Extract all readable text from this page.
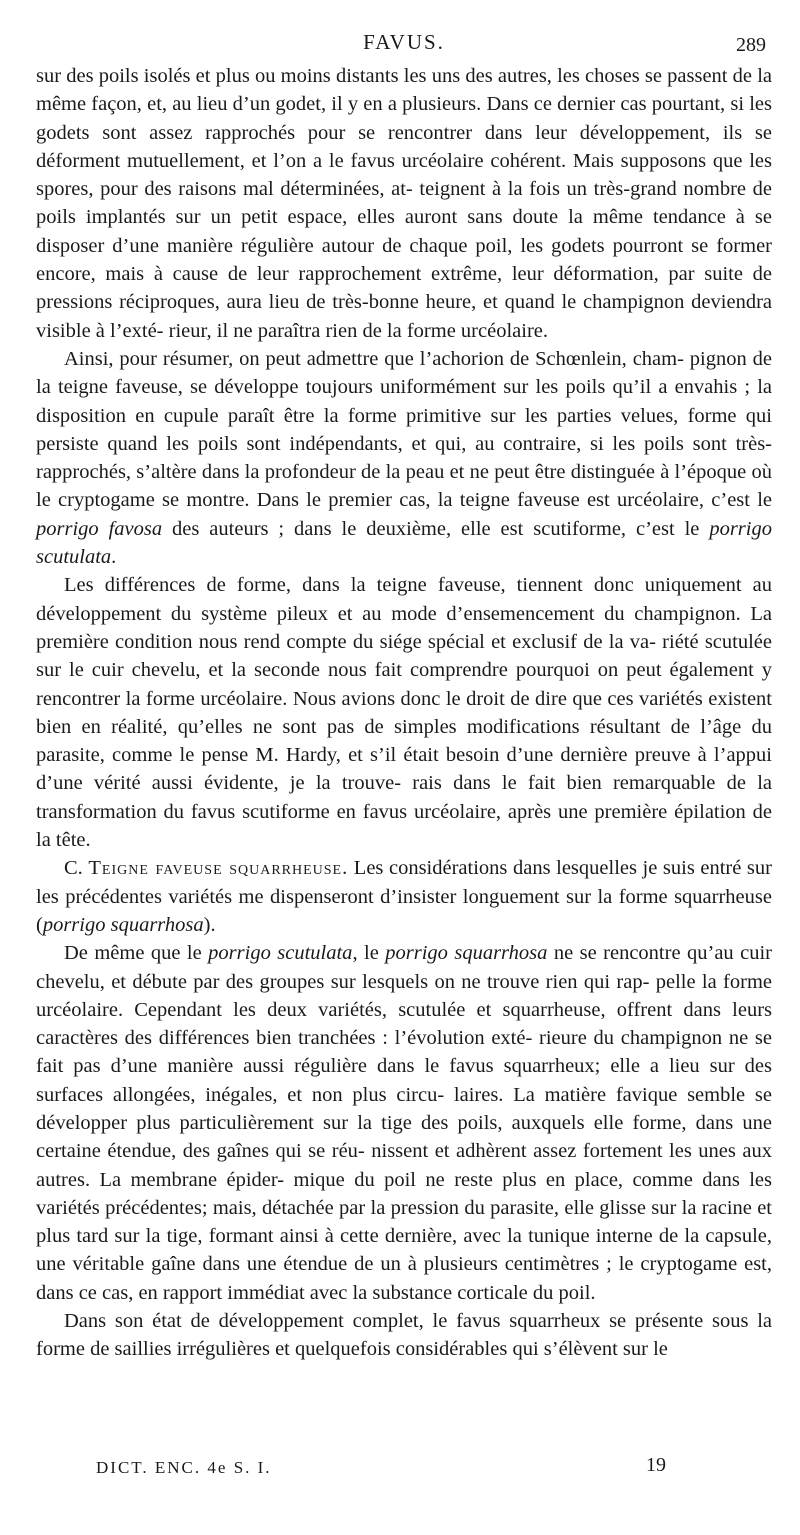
FAVUS.	289

sur des poils isolés et plus ou moins distants les uns des autres, les choses se passent de la même façon, et, au lieu d’un godet, il y en a plusieurs. Dans ce dernier cas pourtant, si les godets sont assez rapprochés pour se rencontrer dans leur développement, ils se déforment mutuellement, et l’on a le favus urcéolaire cohérent. Mais supposons que les spores, pour des raisons mal déterminées, at- teignent à la fois un très-grand nombre de poils implantés sur un petit espace, elles auront sans doute la même tendance à se disposer d’une manière régulière autour de chaque poil, les godets pourront se former encore, mais à cause de leur rapprochement extrême, leur déformation, par suite de pressions réciproques, aura lieu de très-bonne heure, et quand le champignon deviendra visible à l’exté- rieur, il ne paraîtra rien de la forme urcéolaire.

Ainsi, pour résumer, on peut admettre que l’achorion de Schœnlein, cham- pignon de la teigne faveuse, se développe toujours uniformément sur les poils qu’il a envahis ; la disposition en cupule paraît être la forme primitive sur les parties velues, forme qui persiste quand les poils sont indépendants, et qui, au contraire, si les poils sont très-rapprochés, s’altère dans la profondeur de la peau et ne peut être distinguée à l’époque où le cryptogame se montre. Dans le premier cas, la teigne faveuse est urcéolaire, c’est le porrigo favosa des auteurs ; dans le deuxième, elle est scutiforme, c’est le porrigo scutulata.

Les différences de forme, dans la teigne faveuse, tiennent donc uniquement au développement du système pileux et au mode d’ensemencement du champignon. La première condition nous rend compte du siége spécial et exclusif de la va- riété scutulée sur le cuir chevelu, et la seconde nous fait comprendre pourquoi on peut également y rencontrer la forme urcéolaire. Nous avions donc le droit de dire que ces variétés existent bien en réalité, qu’elles ne sont pas de simples modifications résultant de l’âge du parasite, comme le pense M. Hardy, et s’il était besoin d’une dernière preuve à l’appui d’une vérité aussi évidente, je la trouve- rais dans le fait bien remarquable de la transformation du favus scutiforme en favus urcéolaire, après une première épilation de la tête.

C. Teigne faveuse squarrheuse. Les considérations dans lesquelles je suis entré sur les précédentes variétés me dispenseront d’insister longuement sur la forme squarrheuse (porrigo squarrhosa).

De même que le porrigo scutulata, le porrigo squarrhosa ne se rencontre qu’au cuir chevelu, et débute par des groupes sur lesquels on ne trouve rien qui rap- pelle la forme urcéolaire. Cependant les deux variétés, scutulée et squarrheuse, offrent dans leurs caractères des différences bien tranchées : l’évolution exté- rieure du champignon ne se fait pas d’une manière aussi régulière dans le favus squarrheux; elle a lieu sur des surfaces allongées, inégales, et non plus circu- laires. La matière favique semble se développer plus particulièrement sur la tige des poils, auxquels elle forme, dans une certaine étendue, des gaînes qui se réu- nissent et adhèrent assez fortement les unes aux autres. La membrane épider- mique du poil ne reste plus en place, comme dans les variétés précédentes; mais, détachée par la pression du parasite, elle glisse sur la racine et plus tard sur la tige, formant ainsi à cette dernière, avec la tunique interne de la capsule, une véritable gaîne dans une étendue de un à plusieurs centimètres ; le cryptogame est, dans ce cas, en rapport immédiat avec la substance corticale du poil.

Dans son état de développement complet, le favus squarrheux se présente sous la forme de saillies irrégulières et quelquefois considérables qui s’élèvent sur le

DICT. ENC. 4e S. I.	19
